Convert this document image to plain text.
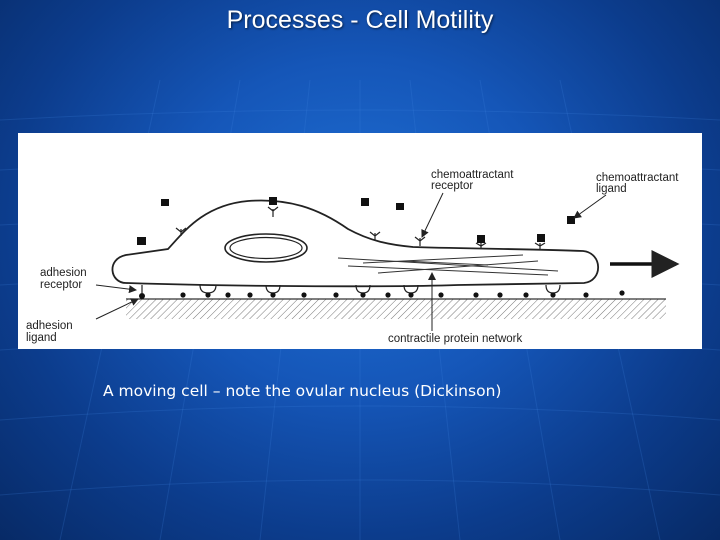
Processes - Cell Motility
chemoattractant
receptor
chemoattractant
ligand
adhesion
receptor
adhesion
ligand	contractile protein network
A moving cell – note the ovular nucleus (Dickinson)
